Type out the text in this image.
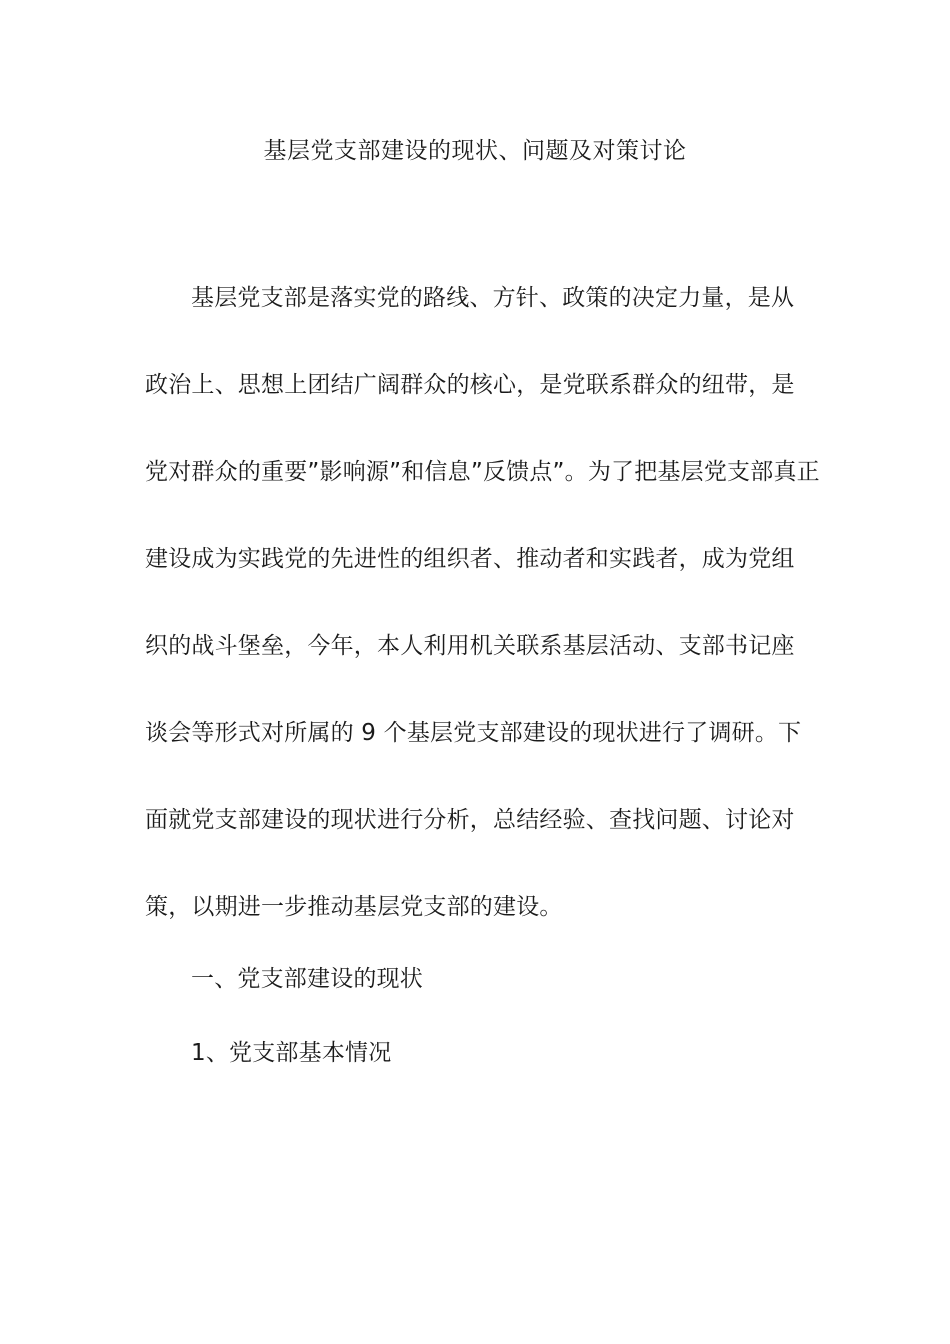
基层党支部建设的现状、问题及对策讨论

基层党支部是落实党的路线、方针、政策的决定力量，是从

政治上、思想上团结广阔群众的核心，是党联系群众的纽带，是

党对群众的重要”影响源”和信息”反馈点”。为了把基层党支部真正

建设成为实践党的先进性的组织者、推动者和实践者，成为党组

织的战斗堡垒，今年，本人利用机关联系基层活动、支部书记座

谈会等形式对所属的 9 个基层党支部建设的现状进行了调研。下

面就党支部建设的现状进行分析，总结经验、查找问题、讨论对

策，以期进一步推动基层党支部的建设。

一、党支部建设的现状

1、党支部基本情况
